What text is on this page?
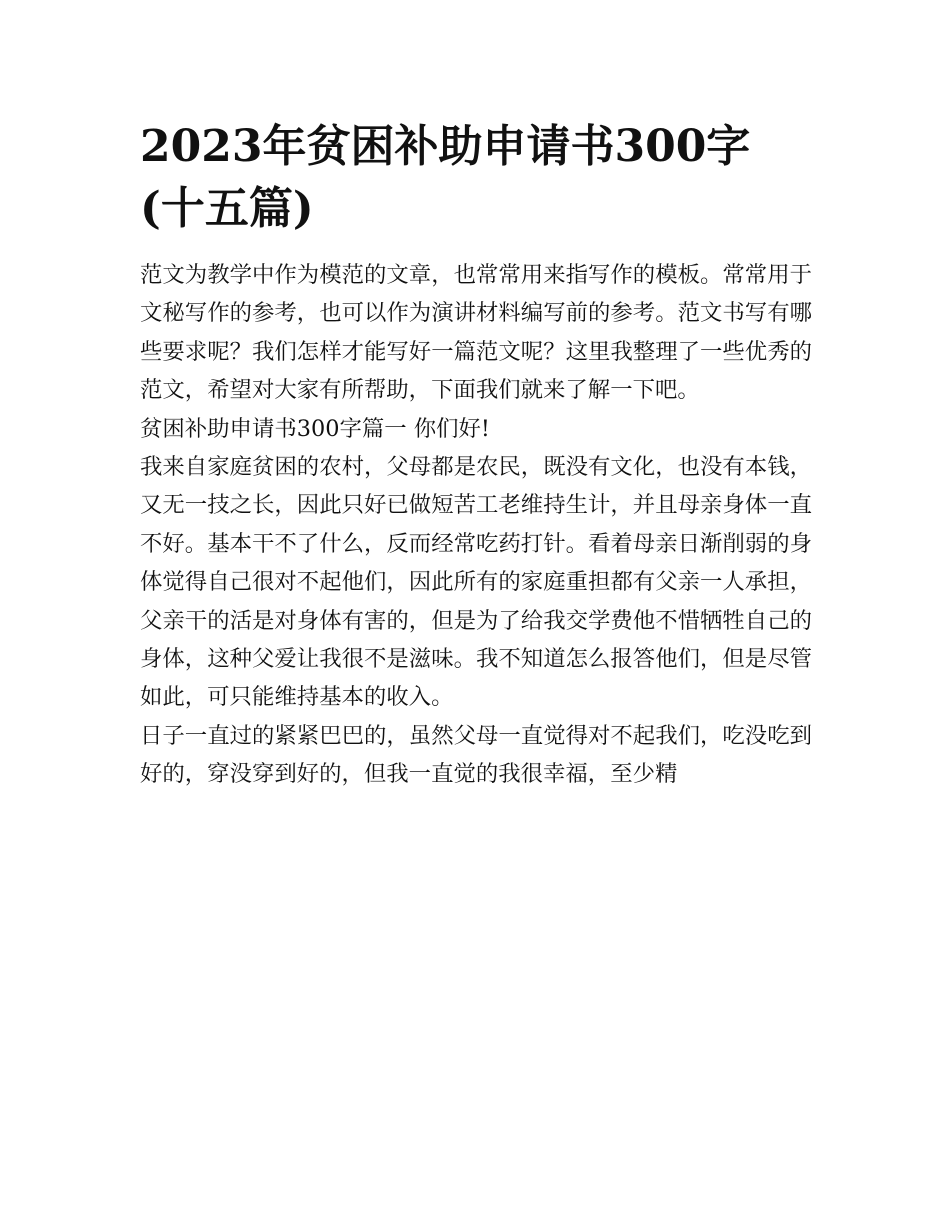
2023年贫困补助申请书300字(十五篇)

范文为教学中作为模范的文章，也常常用来指写作的模板。常常用于文秘写作的参考，也可以作为演讲材料编写前的参考。范文书写有哪些要求呢？我们怎样才能写好一篇范文呢？这里我整理了一些优秀的范文，希望对大家有所帮助，下面我们就来了解一下吧。

贫困补助申请书300字篇一 你们好!

我来自家庭贫困的农村，父母都是农民，既没有文化，也没有本钱，又无一技之长，因此只好已做短苦工老维持生计，并且母亲身体一直不好。基本干不了什么，反而经常吃药打针。看着母亲日渐削弱的身体觉得自己很对不起他们，因此所有的家庭重担都有父亲一人承担，父亲干的活是对身体有害的，但是为了给我交学费他不惜牺牲自己的身体，这种父爱让我很不是滋味。我不知道怎么报答他们，但是尽管如此，可只能维持基本的收入。

日子一直过的紧紧巴巴的，虽然父母一直觉得对不起我们，吃没吃到好的，穿没穿到好的，但我一直觉的我很幸福，至少精
